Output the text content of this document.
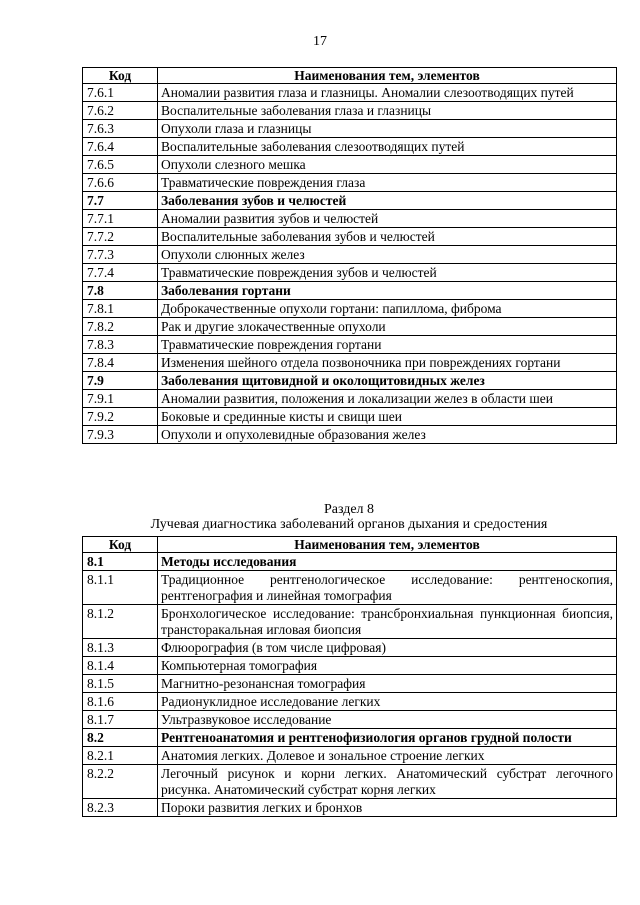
17
Код	Наименования тем, элементов
7.6.1	Аномалии развития глаза и глазницы. Аномалии слезоотводящих путей
7.6.2	Воспалительные заболевания глаза и глазницы
7.6.3	Опухоли глаза и глазницы
7.6.4	Воспалительные заболевания слезоотводящих путей
7.6.5	Опухоли слезного мешка
7.6.6	Травматические повреждения глаза
7.7	Заболевания зубов и челюстей
7.7.1	Аномалии развития зубов и челюстей
7.7.2	Воспалительные заболевания зубов и челюстей
7.7.3	Опухоли слюнных желез
7.7.4	Травматические повреждения зубов и челюстей
7.8	Заболевания гортани
7.8.1	Доброкачественные опухоли гортани: папиллома, фиброма
7.8.2	Рак и другие злокачественные опухоли
7.8.3	Травматические повреждения гортани
7.8.4	Изменения шейного отдела позвоночника при повреждениях гортани
7.9	Заболевания щитовидной и околощитовидных желез
7.9.1	Аномалии развития, положения и локализации желез в области шеи
7.9.2	Боковые и срединные кисты и свищи шеи
7.9.3	Опухоли и опухолевидные образования желез
Раздел 8
Лучевая диагностика заболеваний органов дыхания и средостения
Код	Наименования тем, элементов
8.1	Методы исследования
8.1.1	Традиционное рентгенологическое исследование: рентгеноскопия, рентгенография и линейная томография
8.1.2	Бронхологическое исследование: трансбронхиальная пункционная биопсия, трансторакальная игловая биопсия
8.1.3	Флюорография (в том числе цифровая)
8.1.4	Компьютерная томография
8.1.5	Магнитно-резонансная томография
8.1.6	Радионуклидное исследование легких
8.1.7	Ультразвуковое исследование
8.2	Рентгеноанатомия и рентгенофизиология органов грудной полости
8.2.1	Анатомия легких. Долевое и зональное строение легких
8.2.2	Легочный рисунок и корни легких. Анатомический субстрат легочного рисунка. Анатомический субстрат корня легких
8.2.3	Пороки развития легких и бронхов
